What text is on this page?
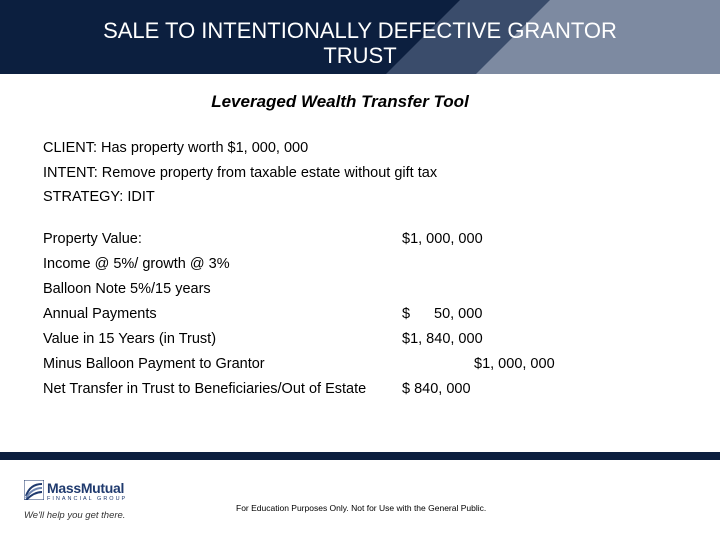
SALE TO INTENTIONALLY DEFECTIVE GRANTOR
TRUST
Leveraged Wealth Transfer Tool
CLIENT: Has property worth $1, 000, 000
INTENT: Remove property from taxable estate without gift tax
STRATEGY: IDIT
Property Value:	$1, 000, 000
Income @ 5%/ growth @ 3%
Balloon Note 5%/15 years
Annual Payments	$ 50, 000
Value in 15 Years (in Trust)	$1, 840, 000
Minus Balloon Payment to Grantor	$1, 000, 000
Net Transfer in Trust to Beneficiaries/Out of Estate $ 840, 000
MassMutual
FINANCIAL GROUP
We'll help you get there.
For Education Purposes Only. Not for Use with the General Public.
